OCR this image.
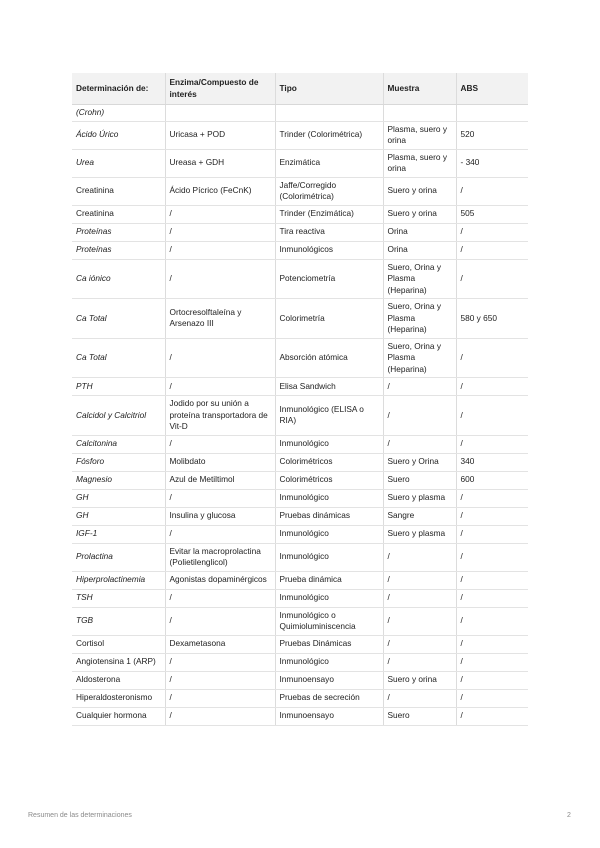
Determinación de:	Enzima/Compuesto de interés	Tipo	Muestra	ABS
(Crohn)				
Ácido Úrico	Uricasa + POD	Trinder (Colorimétrica)	Plasma, suero y orina	520
Urea	Ureasa + GDH	Enzimática	Plasma, suero y orina	- 340
Creatinina	Ácido Pícrico (FeCnK)	Jaffe/Corregido (Colorimétrica)	Suero y orina	/
Creatinina	/	Trinder (Enzimática)	Suero y orina	505
Proteínas	/	Tira reactiva	Orina	/
Proteínas	/	Inmunológicos	Orina	/
Ca iónico	/	Potenciometría	Suero, Orina y Plasma (Heparina)	/
Ca Total	Ortocresolftaleína y Arsenazo III	Colorimetría	Suero, Orina y Plasma (Heparina)	580 y 650
Ca Total	/	Absorción atómica	Suero, Orina y Plasma (Heparina)	/
PTH	/	Elisa Sandwich	/	/
Calcidol y Calcitriol	Jodido por su unión a proteína transportadora de Vit-D	Inmunológico (ELISA o RIA)	/	/
Calcitonina	/	Inmunológico	/	/
Fósforo	Molibdato	Colorimétricos	Suero y Orina	340
Magnesio	Azul de Metiltimol	Colorimétricos	Suero	600
GH	/	Inmunológico	Suero y plasma	/
GH	Insulina y glucosa	Pruebas dinámicas	Sangre	/
IGF-1	/	Inmunológico	Suero y plasma	/
Prolactina	Evitar la macroprolactina (Polietilenglicol)	Inmunológico	/	/
Hiperprolactinemia	Agonistas dopaminérgicos	Prueba dinámica	/	/
TSH	/	Inmunológico	/	/
TGB	/	Inmunológico o Quimioluminiscencia	/	/
Cortisol	Dexametasona	Pruebas Dinámicas	/	/
Angiotensina 1 (ARP)	/	Inmunológico	/	/
Aldosterona	/	Inmunoensayo	Suero y orina	/
Hiperaldosteronismo	/	Pruebas de secreción	/	/
Cualquier hormona	/	Inmunoensayo	Suero	/
Resumen de las determinaciones	2
